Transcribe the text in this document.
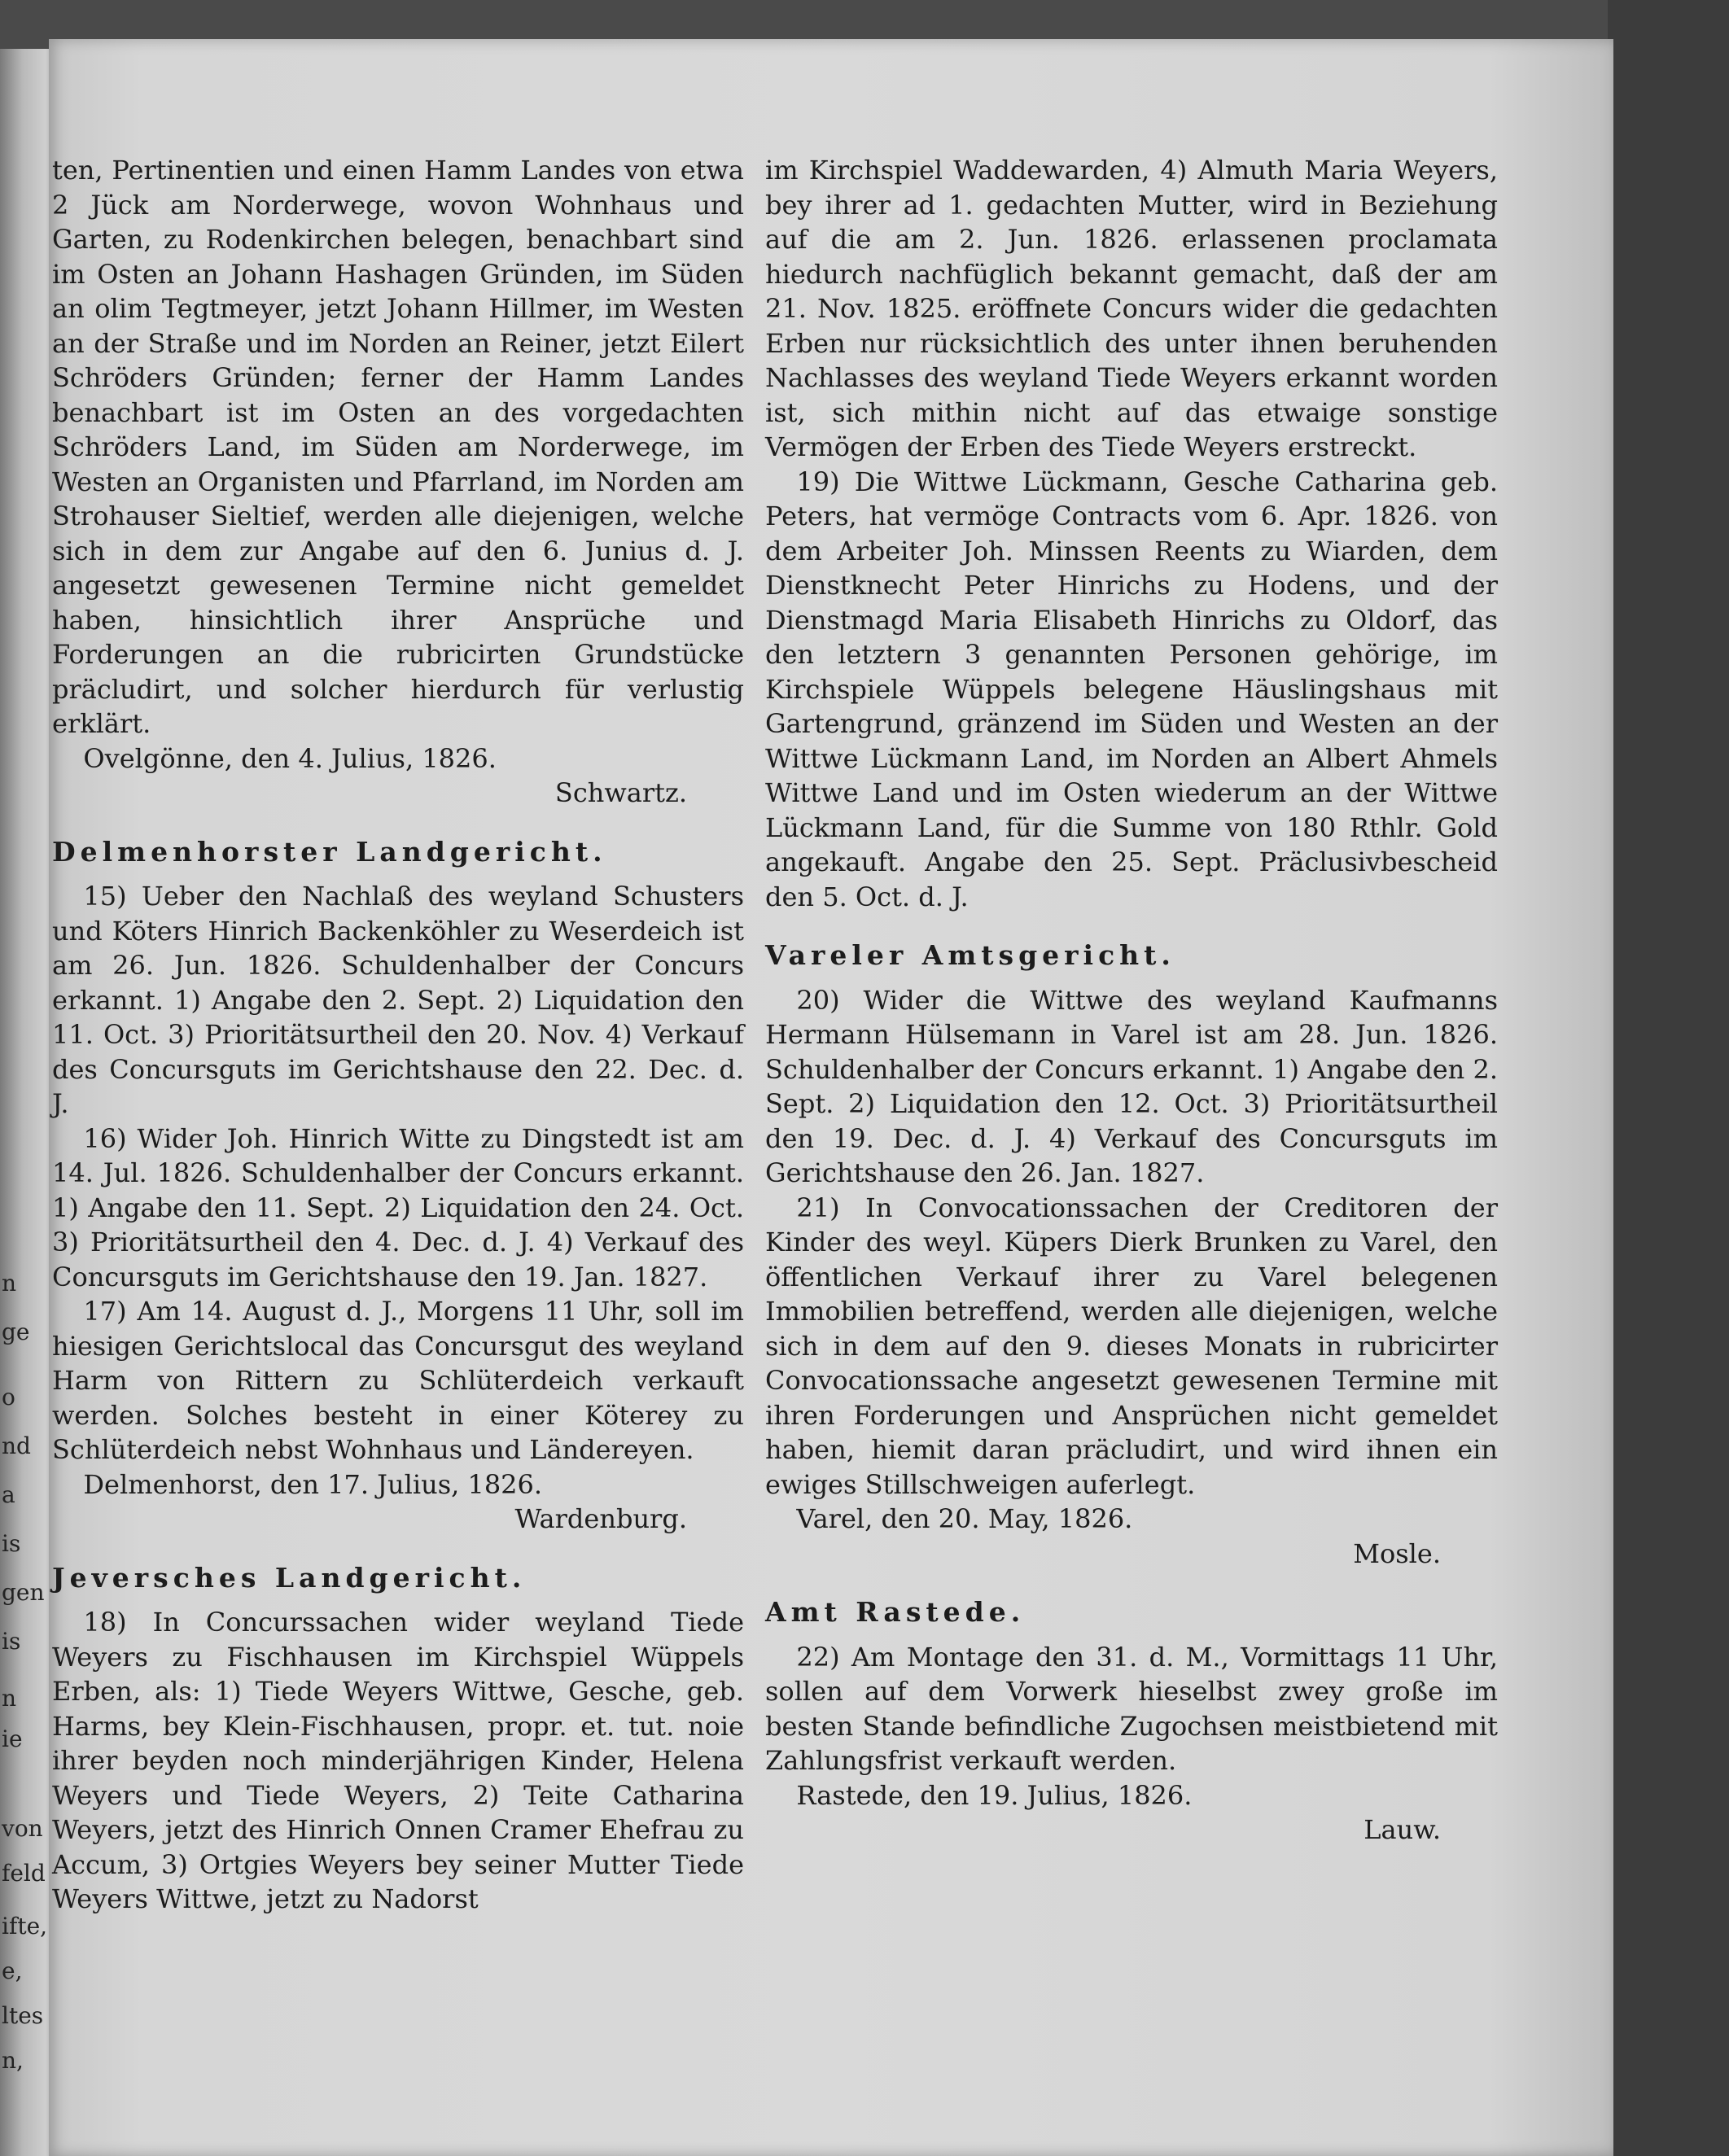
n
ge
o
nd
a
is
gen
is
n
ie
von
feld
ifte,
e,
ltes
n,

ten, Pertinentien und einen Hamm Landes von etwa 2 Jück am Norderwege, wovon Wohnhaus und Garten, zu Rodenkirchen belegen, benachbart sind im Osten an Johann Hashagen Gründen, im Süden an olim Tegtmeyer, jetzt Johann Hillmer, im Westen an der Straße und im Norden an Reiner, jetzt Eilert Schröders Gründen; ferner der Hamm Landes benachbart ist im Osten an des vorgedachten Schröders Land, im Süden am Norderwege, im Westen an Organisten und Pfarrland, im Norden am Strohauser Sieltief, werden alle diejenigen, welche sich in dem zur Angabe auf den 6. Junius d. J. angesetzt gewesenen Termine nicht gemeldet haben, hinsichtlich ihrer Ansprüche und Forderungen an die rubricirten Grundstücke präcludirt, und solcher hierdurch für verlustig erklärt.

Ovelgönne, den 4. Julius, 1826.

Schwartz.

Delmenhorster Landgericht.

15) Ueber den Nachlaß des weyland Schusters und Köters Hinrich Backenköhler zu Weserdeich ist am 26. Jun. 1826. Schuldenhalber der Concurs erkannt. 1) Angabe den 2. Sept. 2) Liquidation den 11. Oct. 3) Prioritätsurtheil den 20. Nov. 4) Verkauf des Concursguts im Gerichtshause den 22. Dec. d. J.

16) Wider Joh. Hinrich Witte zu Dingstedt ist am 14. Jul. 1826. Schuldenhalber der Concurs erkannt. 1) Angabe den 11. Sept. 2) Liquidation den 24. Oct. 3) Prioritätsurtheil den 4. Dec. d. J. 4) Verkauf des Concursguts im Gerichtshause den 19. Jan. 1827.

17) Am 14. August d. J., Morgens 11 Uhr, soll im hiesigen Gerichtslocal das Concursgut des weyland Harm von Rittern zu Schlüterdeich verkauft werden. Solches besteht in einer Köterey zu Schlüterdeich nebst Wohnhaus und Ländereyen.

Delmenhorst, den 17. Julius, 1826.

Wardenburg.

Jeversches Landgericht.

18) In Concurssachen wider weyland Tiede Weyers zu Fischhausen im Kirchspiel Wüppels Erben, als: 1) Tiede Weyers Wittwe, Gesche, geb. Harms, bey Klein-Fischhausen, propr. et. tut. noie ihrer beyden noch minderjährigen Kinder, Helena Weyers und Tiede Weyers, 2) Teite Catharina Weyers, jetzt des Hinrich Onnen Cramer Ehefrau zu Accum, 3) Ortgies Weyers bey seiner Mutter Tiede Weyers Wittwe, jetzt zu Nadorst

im Kirchspiel Waddewarden, 4) Almuth Maria Weyers, bey ihrer ad 1. gedachten Mutter, wird in Beziehung auf die am 2. Jun. 1826. erlassenen proclamata hiedurch nachfüglich bekannt gemacht, daß der am 21. Nov. 1825. eröffnete Concurs wider die gedachten Erben nur rücksichtlich des unter ihnen beruhenden Nachlasses des weyland Tiede Weyers erkannt worden ist, sich mithin nicht auf das etwaige sonstige Vermögen der Erben des Tiede Weyers erstreckt.

19) Die Wittwe Lückmann, Gesche Catharina geb. Peters, hat vermöge Contracts vom 6. Apr. 1826. von dem Arbeiter Joh. Minssen Reents zu Wiarden, dem Dienstknecht Peter Hinrichs zu Hodens, und der Dienstmagd Maria Elisabeth Hinrichs zu Oldorf, das den letztern 3 genannten Personen gehörige, im Kirchspiele Wüppels belegene Häuslingshaus mit Gartengrund, gränzend im Süden und Westen an der Wittwe Lückmann Land, im Norden an Albert Ahmels Wittwe Land und im Osten wiederum an der Wittwe Lückmann Land, für die Summe von 180 Rthlr. Gold angekauft. Angabe den 25. Sept. Präclusivbescheid den 5. Oct. d. J.

Vareler Amtsgericht.

20) Wider die Wittwe des weyland Kaufmanns Hermann Hülsemann in Varel ist am 28. Jun. 1826. Schuldenhalber der Concurs erkannt. 1) Angabe den 2. Sept. 2) Liquidation den 12. Oct. 3) Prioritätsurtheil den 19. Dec. d. J. 4) Verkauf des Concursguts im Gerichtshause den 26. Jan. 1827.

21) In Convocationssachen der Creditoren der Kinder des weyl. Küpers Dierk Brunken zu Varel, den öffentlichen Verkauf ihrer zu Varel belegenen Immobilien betreffend, werden alle diejenigen, welche sich in dem auf den 9. dieses Monats in rubricirter Convocationssache angesetzt gewesenen Termine mit ihren Forderungen und Ansprüchen nicht gemeldet haben, hiemit daran präcludirt, und wird ihnen ein ewiges Stillschweigen auferlegt.

Varel, den 20. May, 1826.

Mosle.

Amt Rastede.

22) Am Montage den 31. d. M., Vormittags 11 Uhr, sollen auf dem Vorwerk hieselbst zwey große im besten Stande befindliche Zugochsen meistbietend mit Zahlungsfrist verkauft werden.

Rastede, den 19. Julius, 1826.

Lauw.
